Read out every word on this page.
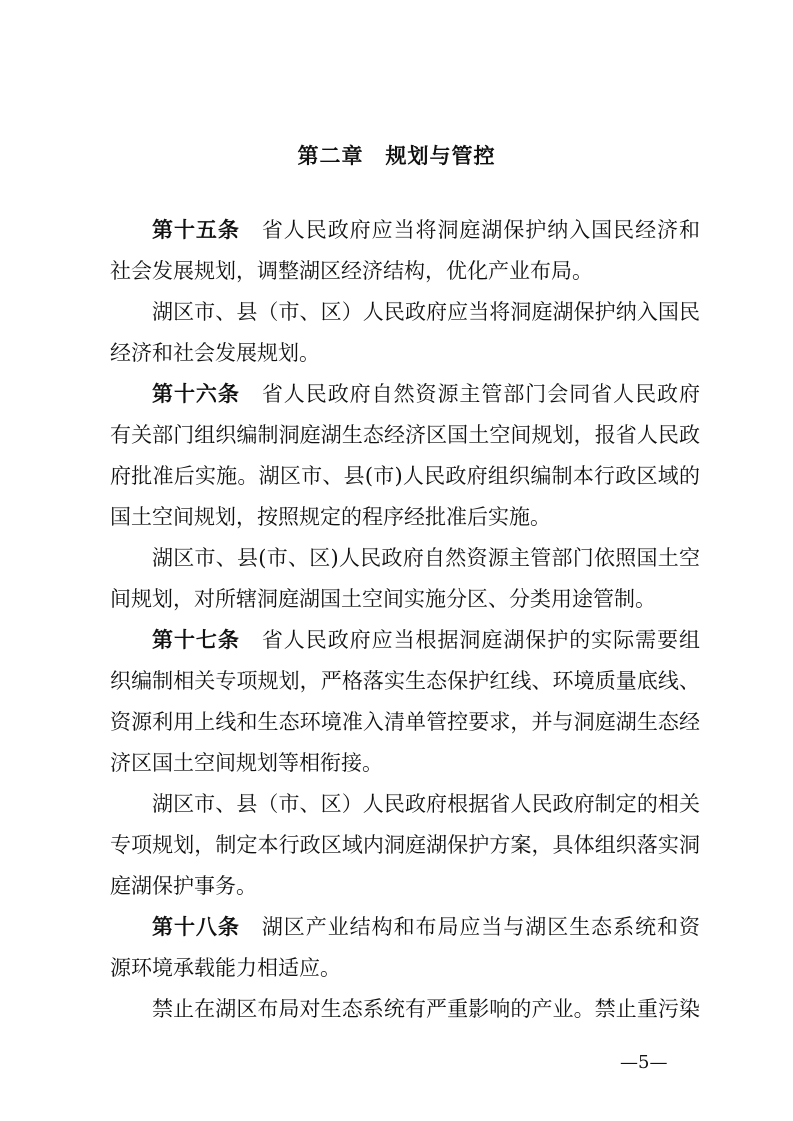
第二章　规划与管控

第十五条 省人民政府应当将洞庭湖保护纳入国民经济和

社会发展规划，调整湖区经济结构，优化产业布局。

湖区市、县（市、区）人民政府应当将洞庭湖保护纳入国民

经济和社会发展规划。

第十六条 省人民政府自然资源主管部门会同省人民政府

有关部门组织编制洞庭湖生态经济区国土空间规划，报省人民政

府批准后实施。湖区市、县(市)人民政府组织编制本行政区域的

国土空间规划，按照规定的程序经批准后实施。

湖区市、县(市、区)人民政府自然资源主管部门依照国土空

间规划，对所辖洞庭湖国土空间实施分区、分类用途管制。

第十七条 省人民政府应当根据洞庭湖保护的实际需要组

织编制相关专项规划，严格落实生态保护红线、环境质量底线、

资源利用上线和生态环境准入清单管控要求，并与洞庭湖生态经

济区国土空间规划等相衔接。

湖区市、县（市、区）人民政府根据省人民政府制定的相关

专项规划，制定本行政区域内洞庭湖保护方案，具体组织落实洞

庭湖保护事务。

第十八条 湖区产业结构和布局应当与湖区生态系统和资

源环境承载能力相适应。

禁止在湖区布局对生态系统有严重影响的产业。禁止重污染

—5—
